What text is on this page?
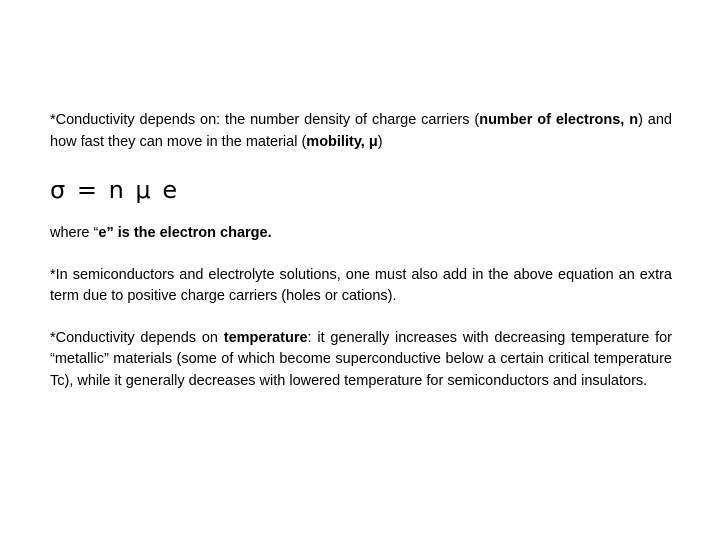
*Conductivity depends on: the number density of charge carriers (number of electrons, n) and how fast they can move in the material (mobility, μ)

σ = n μ e

where “e” is the electron charge.

*In semiconductors and electrolyte solutions, one must also add in the above equation an extra term due to positive charge carriers (holes or cations).

*Conductivity depends on temperature: it generally increases with decreasing temperature for “metallic” materials (some of which become superconductive below a certain critical temperature Tc), while it generally decreases with lowered temperature for semiconductors and insulators.
